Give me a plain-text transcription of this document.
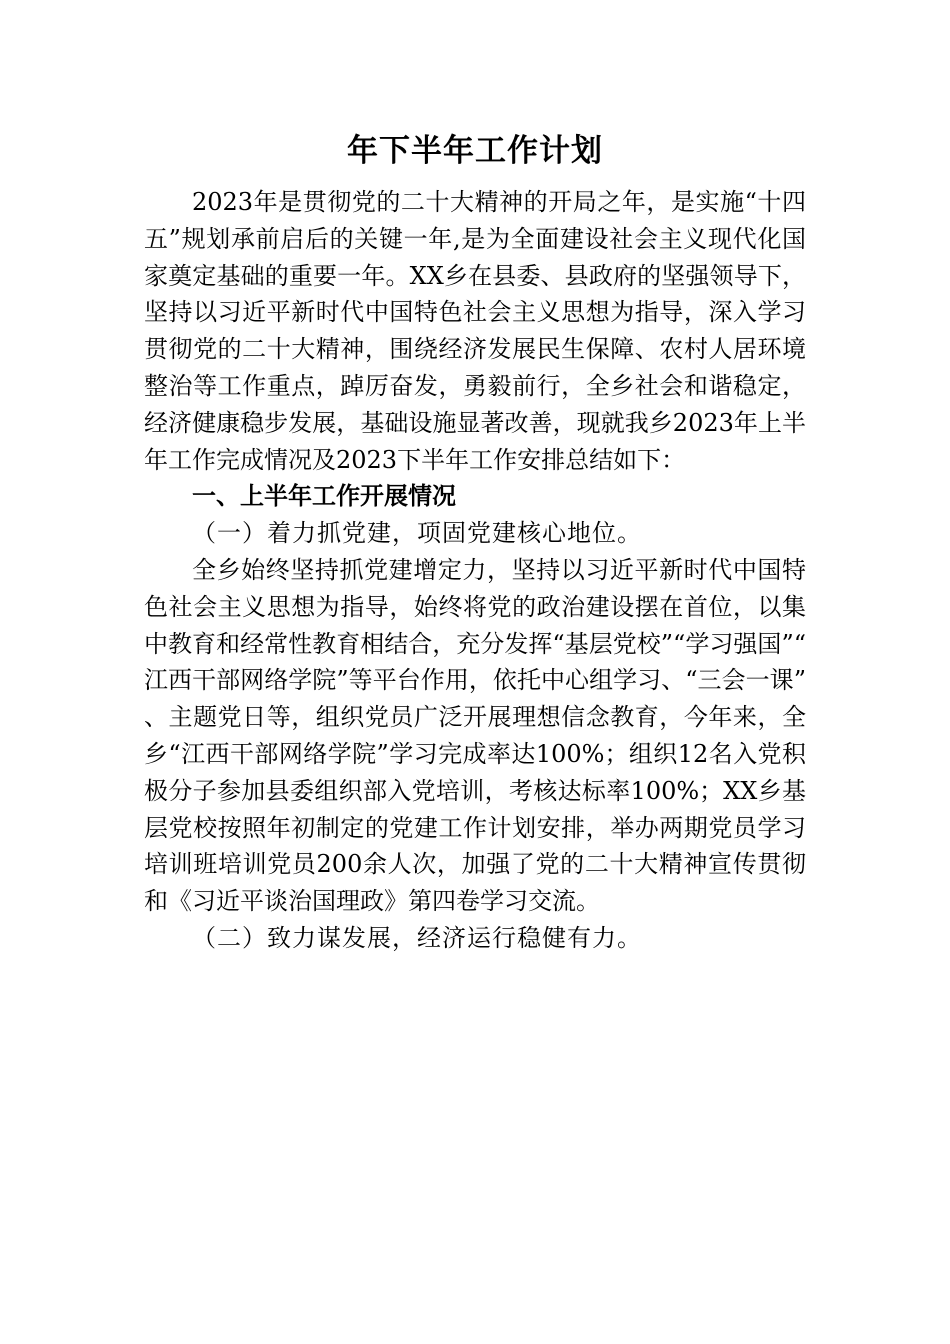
年下半年工作计划

2023年是贯彻党的二十大精神的开局之年，是实施“十四五”规划承前启后的关键一年,是为全面建设社会主义现代化国家奠定基础的重要一年。XX乡在县委、县政府的坚强领导下，坚持以习近平新时代中国特色社会主义思想为指导，深入学习贯彻党的二十大精神，围绕经济发展民生保障、农村人居环境整治等工作重点，踔厉奋发，勇毅前行，全乡社会和谐稳定，经济健康稳步发展，基础设施显著改善，现就我乡2023年上半年工作完成情况及2023下半年工作安排总结如下：

一、上半年工作开展情况

（一）着力抓党建，项固党建核心地位。

全乡始终坚持抓党建增定力，坚持以习近平新时代中国特色社会主义思想为指导，始终将党的政治建设摆在首位，以集中教育和经常性教育相结合，充分发挥“基层党校”“学习强国”“江西干部网络学院”等平台作用，依托中心组学习、“三会一课”、主题党日等，组织党员广泛开展理想信念教育，今年来，全乡“江西干部网络学院”学习完成率达100%；组织12名入党积极分子参加县委组织部入党培训，考核达标率100%；XX乡基层党校按照年初制定的党建工作计划安排，举办两期党员学习培训班培训党员200余人次，加强了党的二十大精神宣传贯彻和《习近平谈治国理政》第四卷学习交流。

（二）致力谋发展，经济运行稳健有力。
